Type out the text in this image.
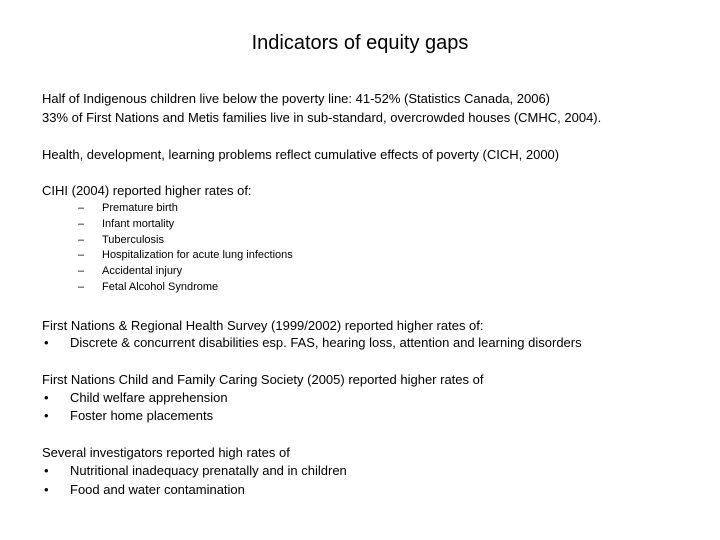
Indicators of equity gaps
Half of Indigenous children live below the poverty line: 41-52% (Statistics Canada, 2006)
33% of First Nations and Metis families live in sub-standard, overcrowded houses (CMHC, 2004).
Health, development, learning problems reflect cumulative effects of poverty (CICH, 2000)
CIHI (2004) reported higher rates of:
– Premature birth
– Infant mortality
– Tuberculosis
– Hospitalization for acute lung infections
– Accidental injury
– Fetal Alcohol Syndrome
First Nations & Regional Health Survey (1999/2002) reported higher rates of:
• Discrete & concurrent disabilities esp. FAS, hearing loss, attention and learning disorders
First Nations Child and Family Caring Society (2005) reported higher rates of
• Child welfare apprehension
• Foster home placements
Several investigators reported high rates of
• Nutritional inadequacy prenatally and in children
• Food and water contamination
